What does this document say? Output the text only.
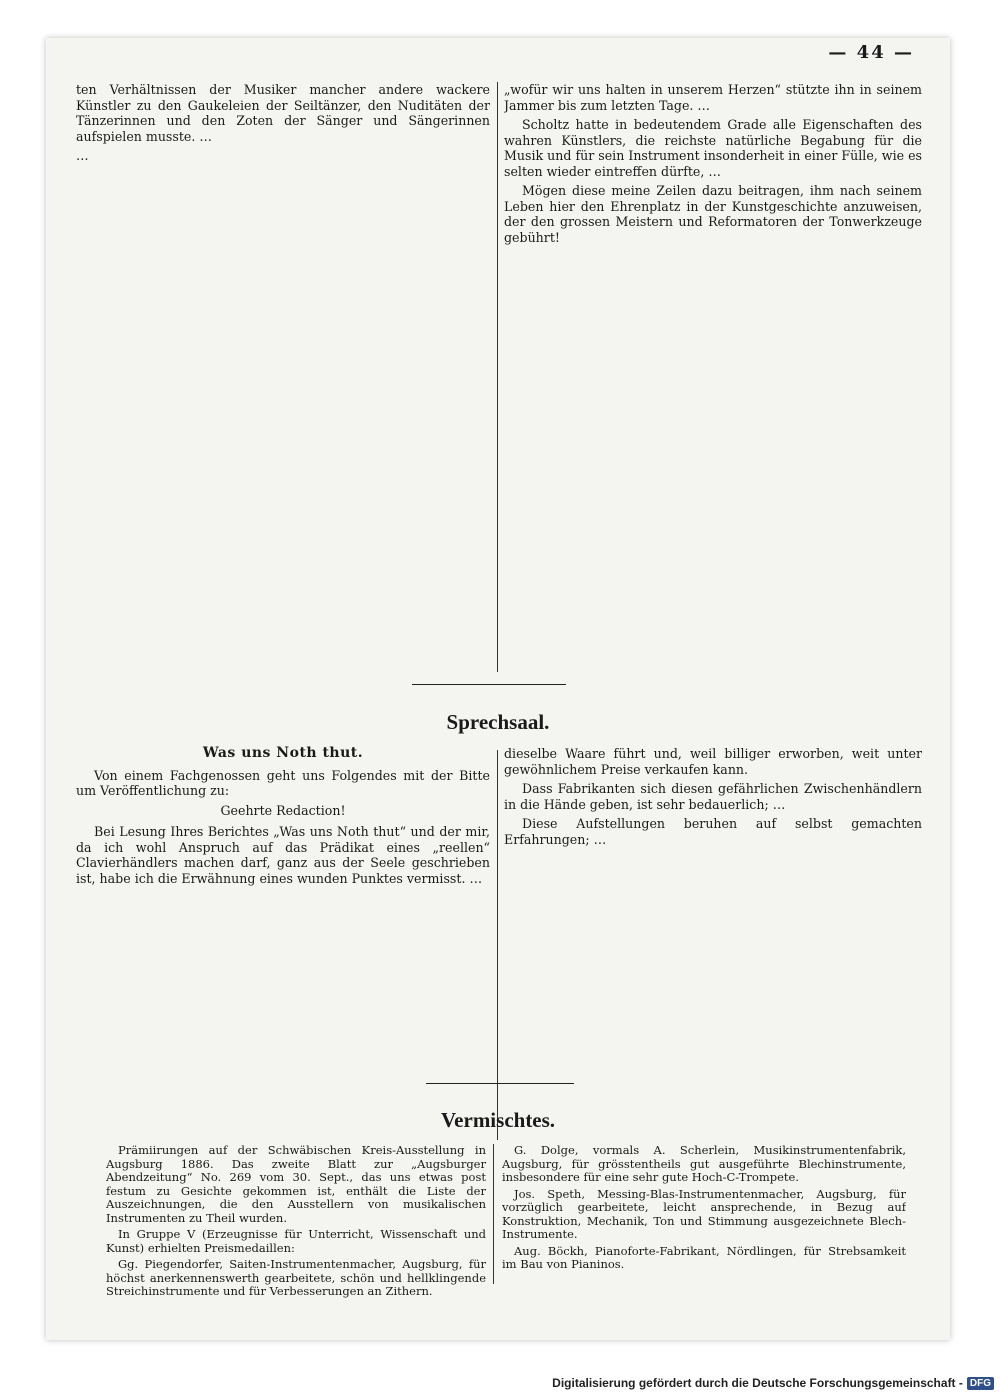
— 44 —

ten Verhältnissen der Musiker mancher andere wackere Künstler zu den Gaukeleien der Seiltänzer, den Nuditäten der Tänzerinnen und den Zoten der Sänger und Sängerinnen aufspielen musste. …

…

„wofür wir uns halten in unserem Herzen“ stützte ihn in seinem Jammer bis zum letzten Tage. …

Scholtz hatte in bedeutendem Grade alle Eigenschaften des wahren Künstlers, die reichste natürliche Begabung für die Musik und für sein Instrument insonderheit in einer Fülle, wie es selten wieder eintreffen dürfte, …

Mögen diese meine Zeilen dazu beitragen, ihm nach seinem Leben hier den Ehrenplatz in der Kunstgeschichte anzuweisen, der den grossen Meistern und Reformatoren der Tonwerkzeuge gebührt!

Sprechsaal.
Was uns Noth thut.

Von einem Fachgenossen geht uns Folgendes mit der Bitte um Veröffentlichung zu:

Geehrte Redaction!

Bei Lesung Ihres Berichtes „Was uns Noth thut“ und der mir, da ich wohl Anspruch auf das Prädikat eines „reellen“ Clavierhändlers machen darf, ganz aus der Seele geschrieben ist, habe ich die Erwähnung eines wunden Punktes vermisst. …

dieselbe Waare führt und, weil billiger erworben, weit unter gewöhnlichem Preise verkaufen kann.

Dass Fabrikanten sich diesen gefährlichen Zwischenhändlern in die Hände geben, ist sehr bedauerlich; …

Diese Aufstellungen beruhen auf selbst gemachten Erfahrungen; …

Vermischtes.

Prämiirungen auf der Schwäbischen Kreis-Ausstellung in Augsburg 1886. Das zweite Blatt zur „Augsburger Abendzeitung“ No. 269 vom 30. Sept., das uns etwas post festum zu Gesichte gekommen ist, enthält die Liste der Auszeichnungen, die den Ausstellern von musikalischen Instrumenten zu Theil wurden.

In Gruppe V (Erzeugnisse für Unterricht, Wissenschaft und Kunst) erhielten Preismedaillen:

Gg. Piegendorfer, Saiten-Instrumentenmacher, Augsburg, für höchst anerkennenswerth gearbeitete, schön und hellklingende Streichinstrumente und für Verbesserungen an Zithern.

G. Dolge, vormals A. Scherlein, Musikinstrumentenfabrik, Augsburg, für grösstentheils gut ausgeführte Blechinstrumente, insbesondere für eine sehr gute Hoch-C-Trompete.

Jos. Speth, Messing-Blas-Instrumentenmacher, Augsburg, für vorzüglich gearbeitete, leicht ansprechende, in Bezug auf Konstruktion, Mechanik, Ton und Stimmung ausgezeichnete Blech-Instrumente.

Aug. Böckh, Pianoforte-Fabrikant, Nördlingen, für Strebsamkeit im Bau von Pianinos.

Digitalisierung gefördert durch die Deutsche Forschungsgemeinschaft - DFG
